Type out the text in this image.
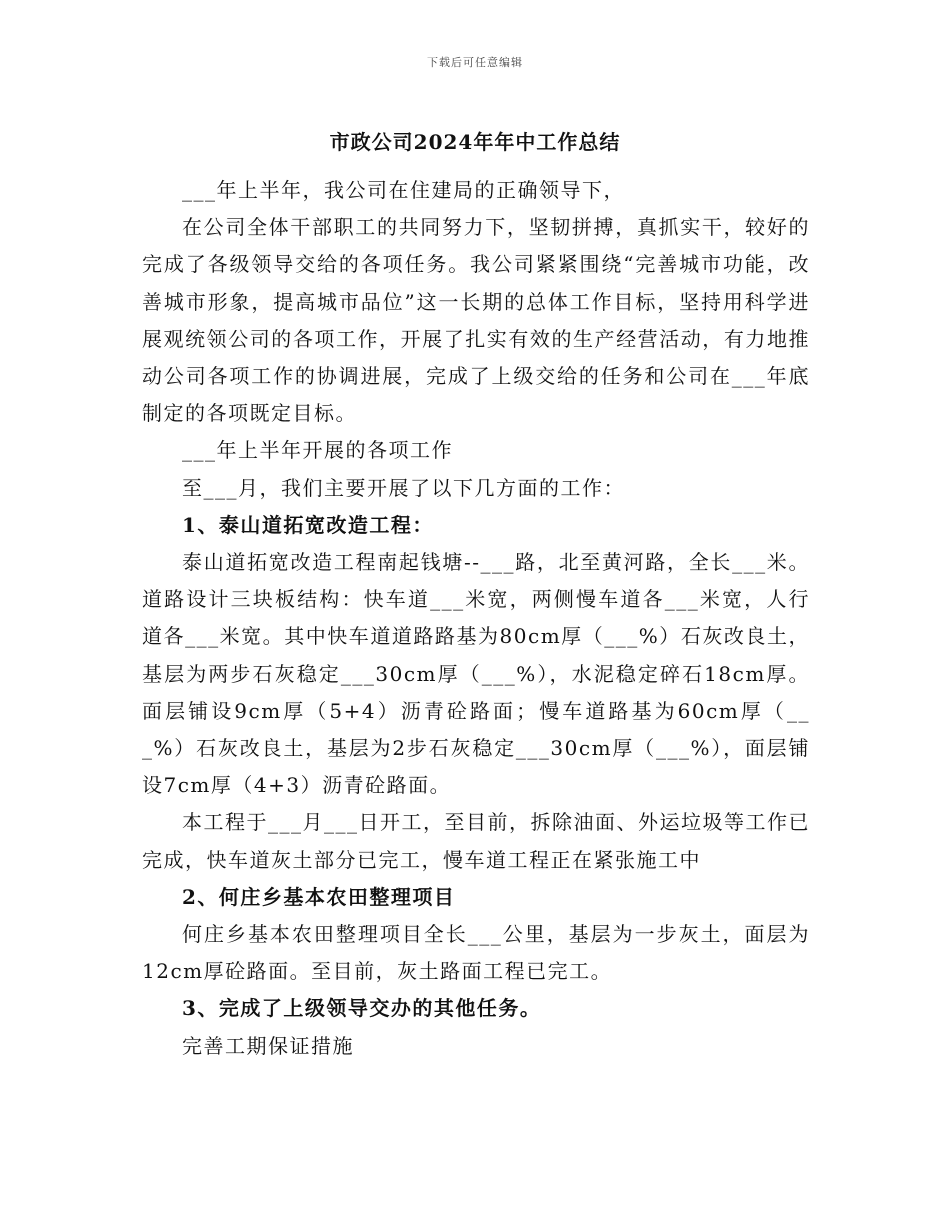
下载后可任意编辑
市政公司2024年年中工作总结

___年上半年，我公司在住建局的正确领导下，

在公司全体干部职工的共同努力下，坚韧拼搏，真抓实干，较好的完成了各级领导交给的各项任务。我公司紧紧围绕“完善城市功能，改善城市形象，提高城市品位”这一长期的总体工作目标，坚持用科学进展观统领公司的各项工作，开展了扎实有效的生产经营活动，有力地推动公司各项工作的协调进展，完成了上级交给的任务和公司在___年底制定的各项既定目标。

___年上半年开展的各项工作

至___月，我们主要开展了以下几方面的工作：

1、泰山道拓宽改造工程：

泰山道拓宽改造工程南起钱塘--___路，北至黄河路，全长___米。道路设计三块板结构：快车道___米宽，两侧慢车道各___米宽，人行道各___米宽。其中快车道道路路基为80cm厚（___%）石灰改良土，基层为两步石灰稳定___30cm厚（___%），水泥稳定碎石18cm厚。面层铺设9cm厚（5+4）沥青砼路面；慢车道路基为60cm厚（___%）石灰改良土，基层为2步石灰稳定___30cm厚（___%），面层铺设7cm厚（4+3）沥青砼路面。

本工程于___月___日开工，至目前，拆除油面、外运垃圾等工作已完成，快车道灰土部分已完工，慢车道工程正在紧张施工中

2、何庄乡基本农田整理项目

何庄乡基本农田整理项目全长___公里，基层为一步灰土，面层为12cm厚砼路面。至目前，灰土路面工程已完工。

3、完成了上级领导交办的其他任务。

完善工期保证措施
